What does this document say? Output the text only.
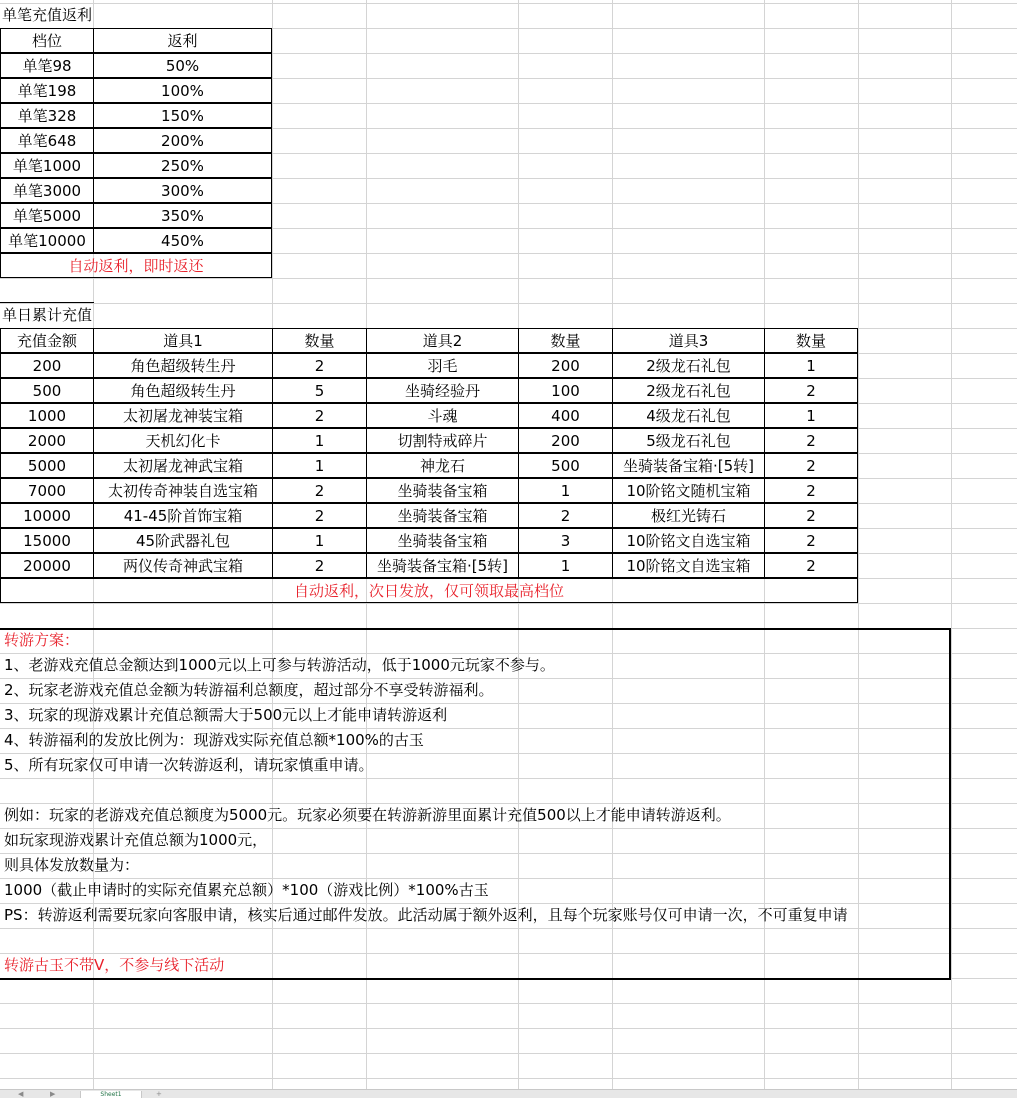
单笔充值返利
档位	返利
单笔98	50%
单笔198	100%
单笔328	150%
单笔648	200%
单笔1000	250%
单笔3000	300%
单笔5000	350%
单笔10000	450%
自动返利，即时返还
单日累计充值
充值金额	道具1	数量	道具2	数量	道具3	数量
200	角色超级转生丹	2	羽毛	200	2级龙石礼包	1
500	角色超级转生丹	5	坐骑经验丹	100	2级龙石礼包	2
1000	太初屠龙神装宝箱	2	斗魂	400	4级龙石礼包	1
2000	天机幻化卡	1	切割特戒碎片	200	5级龙石礼包	2
5000	太初屠龙神武宝箱	1	神龙石	500	坐骑装备宝箱·[5转]	2
7000	太初传奇神装自选宝箱	2	坐骑装备宝箱	1	10阶铭文随机宝箱	2
10000	41-45阶首饰宝箱	2	坐骑装备宝箱	2	极红光铸石	2
15000	45阶武器礼包	1	坐骑装备宝箱	3	10阶铭文自选宝箱	2
20000	两仪传奇神武宝箱	2	坐骑装备宝箱·[5转]	1	10阶铭文自选宝箱	2
自动返利，次日发放，仅可领取最高档位
转游方案：
1、老游戏充值总金额达到1000元以上可参与转游活动，低于1000元玩家不参与。
2、玩家老游戏充值总金额为转游福利总额度，超过部分不享受转游福利。
3、玩家的现游戏累计充值总额需大于500元以上才能申请转游返利
4、转游福利的发放比例为：现游戏实际充值总额*100%的古玉
5、所有玩家仅可申请一次转游返利，请玩家慎重申请。
例如：玩家的老游戏充值总额度为5000元。玩家必须要在转游新游里面累计充值500以上才能申请转游返利。
如玩家现游戏累计充值总额为1000元，
则具体发放数量为：
1000（截止申请时的实际充值累充总额）*100（游戏比例）*100%古玉
PS：转游返利需要玩家向客服申请，核实后通过邮件发放。此活动属于额外返利，且每个玩家账号仅可申请一次，不可重复申请
转游古玉不带V，不参与线下活动
◀	▶	Sheet1	+
